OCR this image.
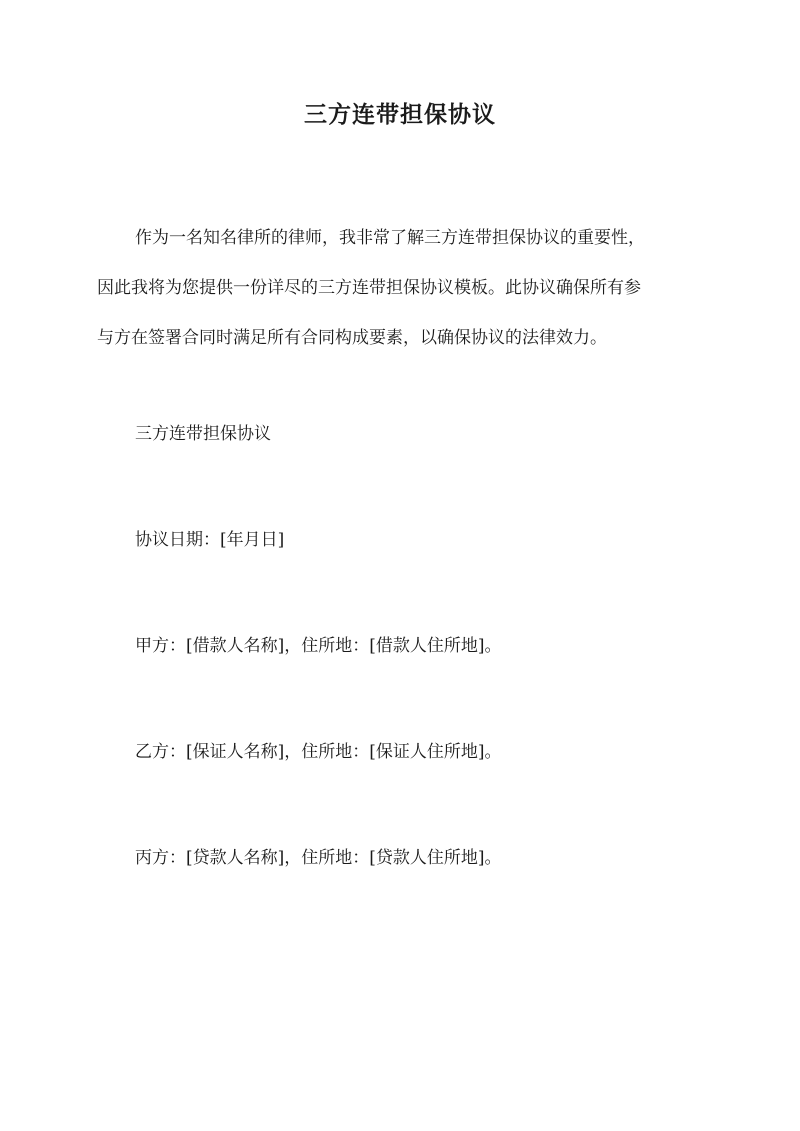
三方连带担保协议

作为一名知名律所的律师，我非常了解三方连带担保协议的重要性，
因此我将为您提供一份详尽的三方连带担保协议模板。此协议确保所有参
与方在签署合同时满足所有合同构成要素，以确保协议的法律效力。

三方连带担保协议

协议日期：[年月日]

甲方：[借款人名称]，住所地：[借款人住所地]。

乙方：[保证人名称]，住所地：[保证人住所地]。

丙方：[贷款人名称]，住所地：[贷款人住所地]。
